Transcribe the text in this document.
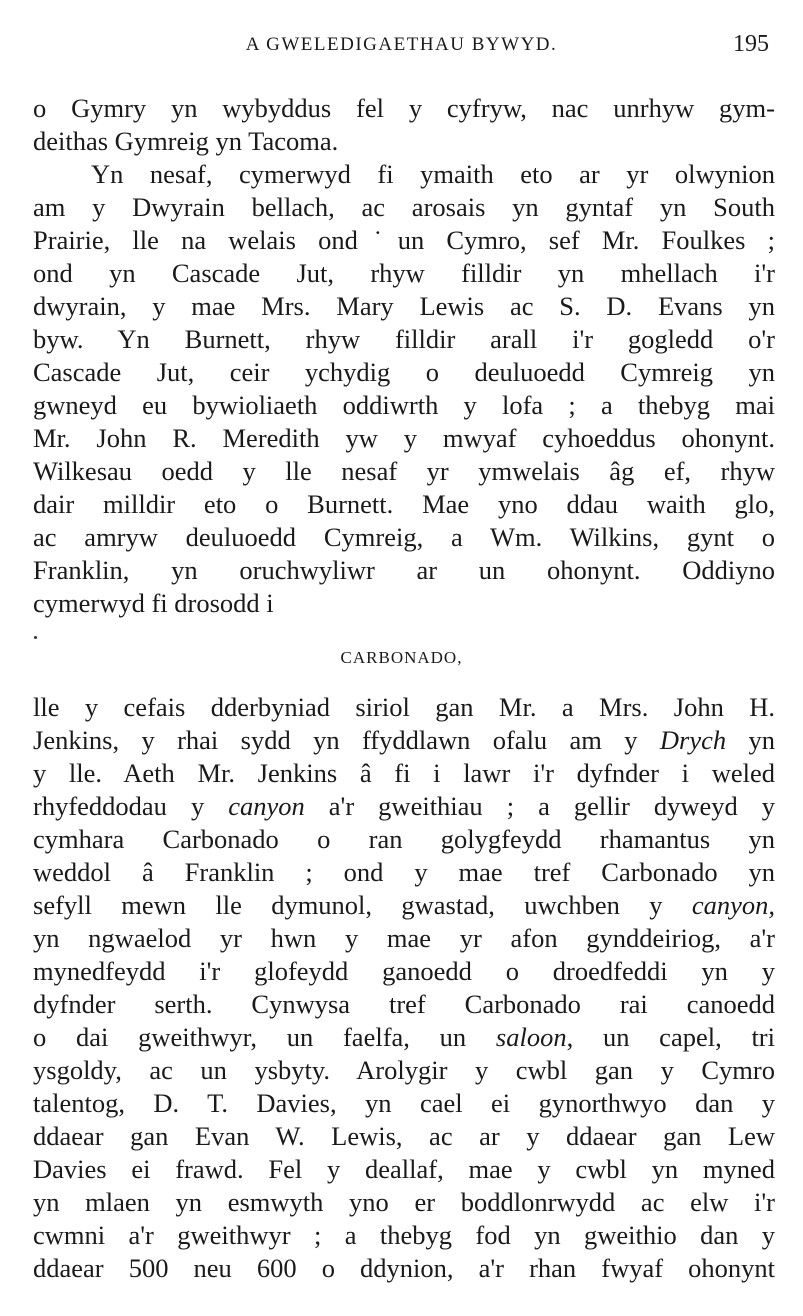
A GWELEDIGAETHAU BYWYD.	195
o Gymry yn wybyddus fel y cyfryw, nac unrhyw gym-
deithas Gymreig yn Tacoma.
Yn nesaf, cymerwyd fi ymaith eto ar yr olwynion
am y Dwyrain bellach, ac arosais yn gyntaf yn South
Prairie, lle na welais ond˙un Cymro, sef Mr. Foulkes ;
ond yn Cascade Jut, rhyw filldir yn mhellach i'r
dwyrain, y mae Mrs. Mary Lewis ac S. D. Evans yn
byw. Yn Burnett, rhyw filldir arall i'r gogledd o'r
Cascade Jut, ceir ychydig o deuluoedd Cymreig yn
gwneyd eu bywioliaeth oddiwrth y lofa ; a thebyg mai
Mr. John R. Meredith yw y mwyaf cyhoeddus ohonynt.
Wilkesau oedd y lle nesaf yr ymwelais âg ef, rhyw
dair milldir eto o Burnett. Mae yno ddau waith glo,
ac amryw deuluoedd Cymreig, a Wm. Wilkins, gynt o
Franklin, yn oruchwyliwr ar un ohonynt. Oddiyno
cymerwyd fi drosodd i
CARBONADO,
lle y cefais dderbyniad siriol gan Mr. a Mrs. John H.
Jenkins, y rhai sydd yn ffyddlawn ofalu am y Drych yn
y lle. Aeth Mr. Jenkins â fi i lawr i'r dyfnder i weled
rhyfeddodau y canyon a'r gweithiau ; a gellir dyweyd y
cymhara Carbonado o ran golygfeydd rhamantus yn
weddol â Franklin ; ond y mae tref Carbonado yn
sefyll mewn lle dymunol, gwastad, uwchben y canyon,
yn ngwaelod yr hwn y mae yr afon gynddeiriog, a'r
mynedfeydd i'r glofeydd ganoedd o droedfeddi yn y
dyfnder serth. Cynwysa tref Carbonado rai canoedd
o dai gweithwyr, un faelfa, un saloon, un capel, tri
ysgoldy, ac un ysbyty. Arolygir y cwbl gan y Cymro
talentog, D. T. Davies, yn cael ei gynorthwyo dan y
ddaear gan Evan W. Lewis, ac ar y ddaear gan Lew
Davies ei frawd. Fel y deallaf, mae y cwbl yn myned
yn mlaen yn esmwyth yno er boddlonrwydd ac elw i'r
cwmni a'r gweithwyr ; a thebyg fod yn gweithio dan y
ddaear 500 neu 600 o ddynion, a'r rhan fwyaf ohonynt
